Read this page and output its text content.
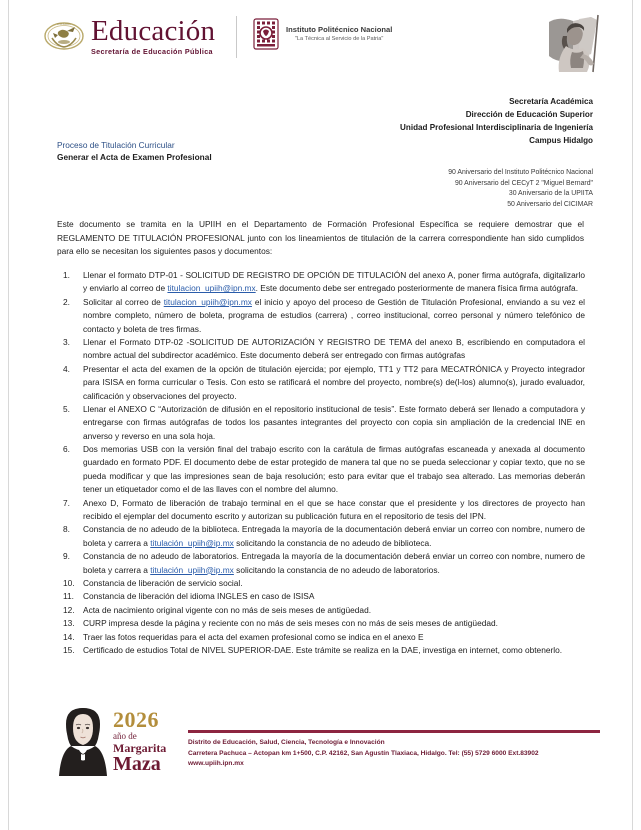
ESTADOS Educación
Secretaría de Educación Pública
Instituto Politécnico Nacional
"La Técnica al Servicio de la Patria"
Secretaría Académica
Dirección de Educación Superior
Unidad Profesional Interdisciplinaria de Ingeniería
Campus Hidalgo
Proceso de Titulación Curricular
Generar el Acta de Examen Profesional
90 Aniversario del Instituto Politécnico Nacional
90 Aniversario del CECyT 2 "Miguel Bernard"
30 Aniversario de la UPIITA
50 Aniversario del CICIMAR
Este documento se tramita en la UPIIH en el Departamento de Formación Profesional Específica se requiere demostrar que el REGLAMENTO DE TITULACIÓN PROFESIONAL junto con los lineamientos de titulación de la carrera correspondiente han sido cumplidos para ello se necesitan los siguientes pasos y documentos:
1.	Llenar el formato DTP-01 - SOLICITUD DE REGISTRO DE OPCIÓN DE TITULACIÓN del anexo A, poner firma autógrafa, digitalizarlo y enviarlo al correo de titulacion_upiih@ipn.mx. Este documento debe ser entregado posteriormente de manera física firma autógrafa.
2.	Solicitar al correo de titulacion_upiih@ipn.mx el inicio y apoyo del proceso de Gestión de Titulación Profesional, enviando a su vez el nombre completo, número de boleta, programa de estudios (carrera) , correo institucional, correo personal y número telefónico de contacto y boleta de tres firmas.
3.	Llenar el Formato DTP-02 -SOLICITUD DE AUTORIZACIÓN Y REGISTRO DE TEMA del anexo B, escribiendo en computadora el nombre actual del subdirector académico. Este documento deberá ser entregado con firmas autógrafas
4.	Presentar el acta del examen de la opción de titulación ejercida; por ejemplo, TT1 y TT2 para MECATRÓNICA y Proyecto integrador para ISISA en forma curricular o Tesis. Con esto se ratificará el nombre del proyecto, nombre(s) de(l-los) alumno(s), jurado evaluador, calificación y observaciones del proyecto.
5.	Llenar el ANEXO C “Autorización de difusión en el repositorio institucional de tesis”. Este formato deberá ser llenado a computadora y entregarse con firmas autógrafas de todos los pasantes integrantes del proyecto con copia sin ampliación de la credencial INE en anverso y reverso en una sola hoja.
6.	Dos memorias USB con la versión final del trabajo escrito con la carátula de firmas autógrafas escaneada y anexada al documento guardado en formato PDF. El documento debe de estar protegido de manera tal que no se pueda seleccionar y copiar texto, que no se pueda modificar y que las impresiones sean de baja resolución; esto para evitar que el trabajo sea alterado. Las memorias deberán tener un etiquetador como el de las llaves con el nombre del alumno.
7.	Anexo D, Formato de liberación de trabajo terminal en el que se hace constar que el presidente y los directores de proyecto han recibido el ejemplar del documento escrito y autorizan su publicación futura en el repositorio de tesis del IPN.
8.	Constancia de no adeudo de la biblioteca. Entregada la mayoría de la documentación deberá enviar un correo con nombre, numero de boleta y carrera a titulación_upiih@ip.mx solicitando la constancia de no adeudo de biblioteca.
9.	Constancia de no adeudo de laboratorios. Entregada la mayoría de la documentación deberá enviar un correo con nombre, numero de boleta y carrera a titulación_upiih@ip.mx solicitando la constancia de no adeudo de laboratorios.
10.	Constancia de liberación de servicio social.
11.	Constancia de liberación del idioma INGLES en caso de ISISA
12.	Acta de nacimiento original vigente con no más de seis meses de antigüedad.
13.	CURP impresa desde la página y reciente con no más de seis meses con no más de seis meses de antigüedad.
14.	Traer las fotos requeridas para el acta del examen profesional como se indica en el anexo E
15.	Certificado de estudios Total de NIVEL SUPERIOR-DAE. Este trámite se realiza en la DAE, investiga en internet, como obtenerlo.
2026
año de
Margarita
Maza
Distrito de Educación, Salud, Ciencia, Tecnología e Innovación
Carretera Pachuca – Actopan km 1+500, C.P. 42162, San Agustín Tlaxiaca, Hidalgo. Tel: (55) 5729 6000 Ext.83902
www.upiih.ipn.mx
